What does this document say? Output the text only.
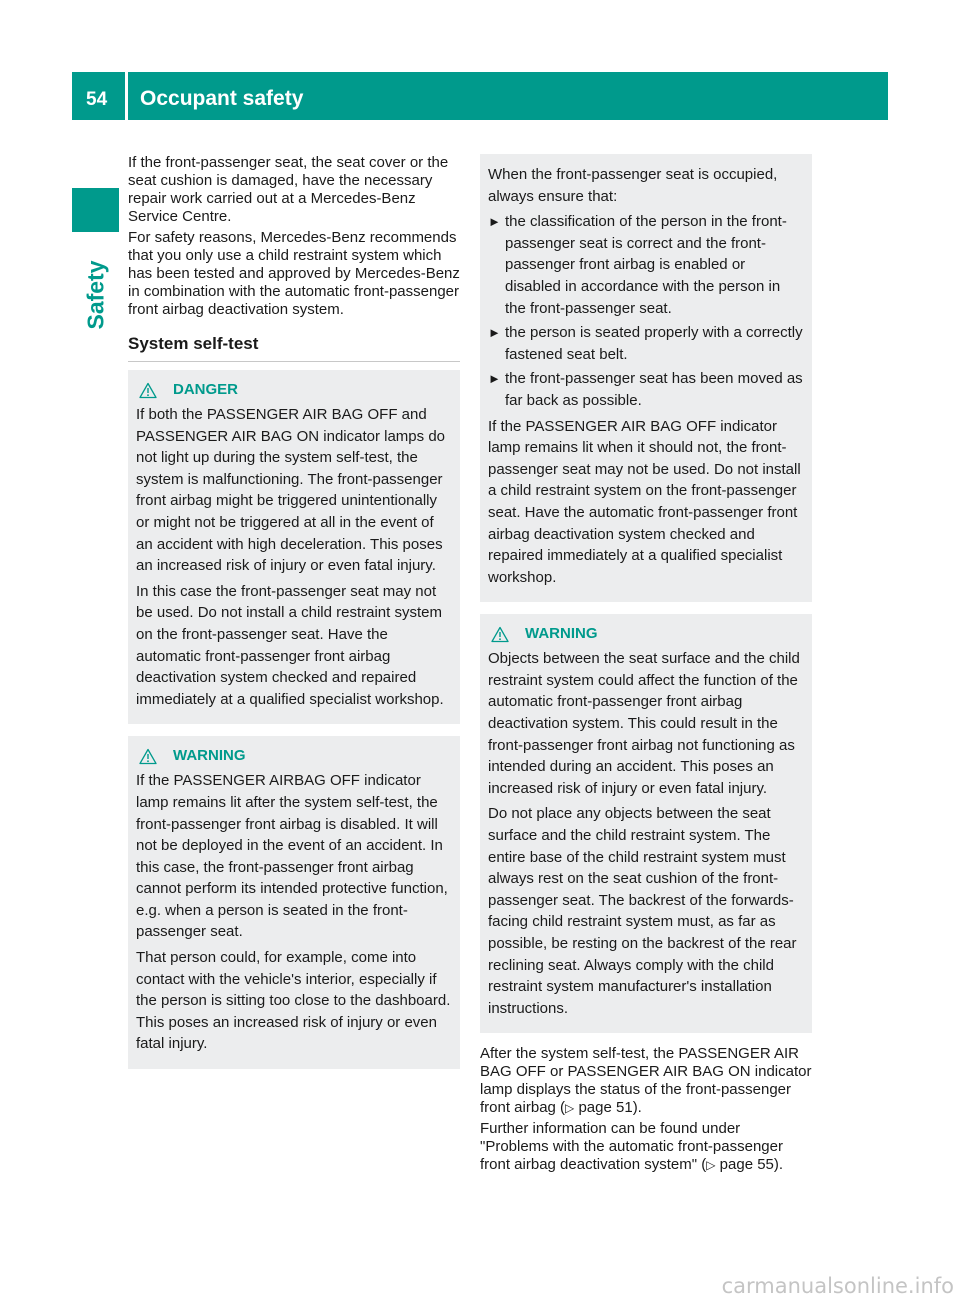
54 Occupant safety
Safety

If the front-passenger seat, the seat cover or the seat cushion is damaged, have the necessary repair work carried out at a Mercedes-Benz Service Centre.

For safety reasons, Mercedes-Benz recommends that you only use a child restraint system which has been tested and approved by Mercedes-Benz in combination with the automatic front-passenger front airbag deactivation system.

System self-test
DANGER

If both the PASSENGER AIR BAG OFF and PASSENGER AIR BAG ON indicator lamps do not light up during the system self-test, the system is malfunctioning. The front-passenger front airbag might be triggered unintentionally or might not be triggered at all in the event of an accident with high deceleration. This poses an increased risk of injury or even fatal injury.

In this case the front-passenger seat may not be used. Do not install a child restraint system on the front-passenger seat. Have the automatic front-passenger front airbag deactivation system checked and repaired immediately at a qualified specialist workshop.

WARNING

If the PASSENGER AIRBAG OFF indicator lamp remains lit after the system self-test, the front-passenger front airbag is disabled. It will not be deployed in the event of an accident. In this case, the front-passenger front airbag cannot perform its intended protective function, e.g. when a person is seated in the front-passenger seat.

That person could, for example, come into contact with the vehicle's interior, especially if the person is sitting too close to the dashboard. This poses an increased risk of injury or even fatal injury.

When the front-passenger seat is occupied, always ensure that:

► the classification of the person in the front-passenger seat is correct and the front-passenger front airbag is enabled or disabled in accordance with the person in the front-passenger seat.
► the person is seated properly with a correctly fastened seat belt.
► the front-passenger seat has been moved as far back as possible.

If the PASSENGER AIR BAG OFF indicator lamp remains lit when it should not, the front-passenger seat may not be used. Do not install a child restraint system on the front-passenger seat. Have the automatic front-passenger front airbag deactivation system checked and repaired immediately at a qualified specialist workshop.

WARNING

Objects between the seat surface and the child restraint system could affect the function of the automatic front-passenger front airbag deactivation system. This could result in the front-passenger front airbag not functioning as intended during an accident. This poses an increased risk of injury or even fatal injury.

Do not place any objects between the seat surface and the child restraint system. The entire base of the child restraint system must always rest on the seat cushion of the front-passenger seat. The backrest of the forwards-facing child restraint system must, as far as possible, be resting on the backrest of the rear reclining seat. Always comply with the child restraint system manufacturer's installation instructions.

After the system self-test, the PASSENGER AIR BAG OFF or PASSENGER AIR BAG ON indicator lamp displays the status of the front-passenger front airbag (▷ page 51).

Further information can be found under "Problems with the automatic front-passenger front airbag deactivation system" (▷ page 55).

carmanualsonline.info
